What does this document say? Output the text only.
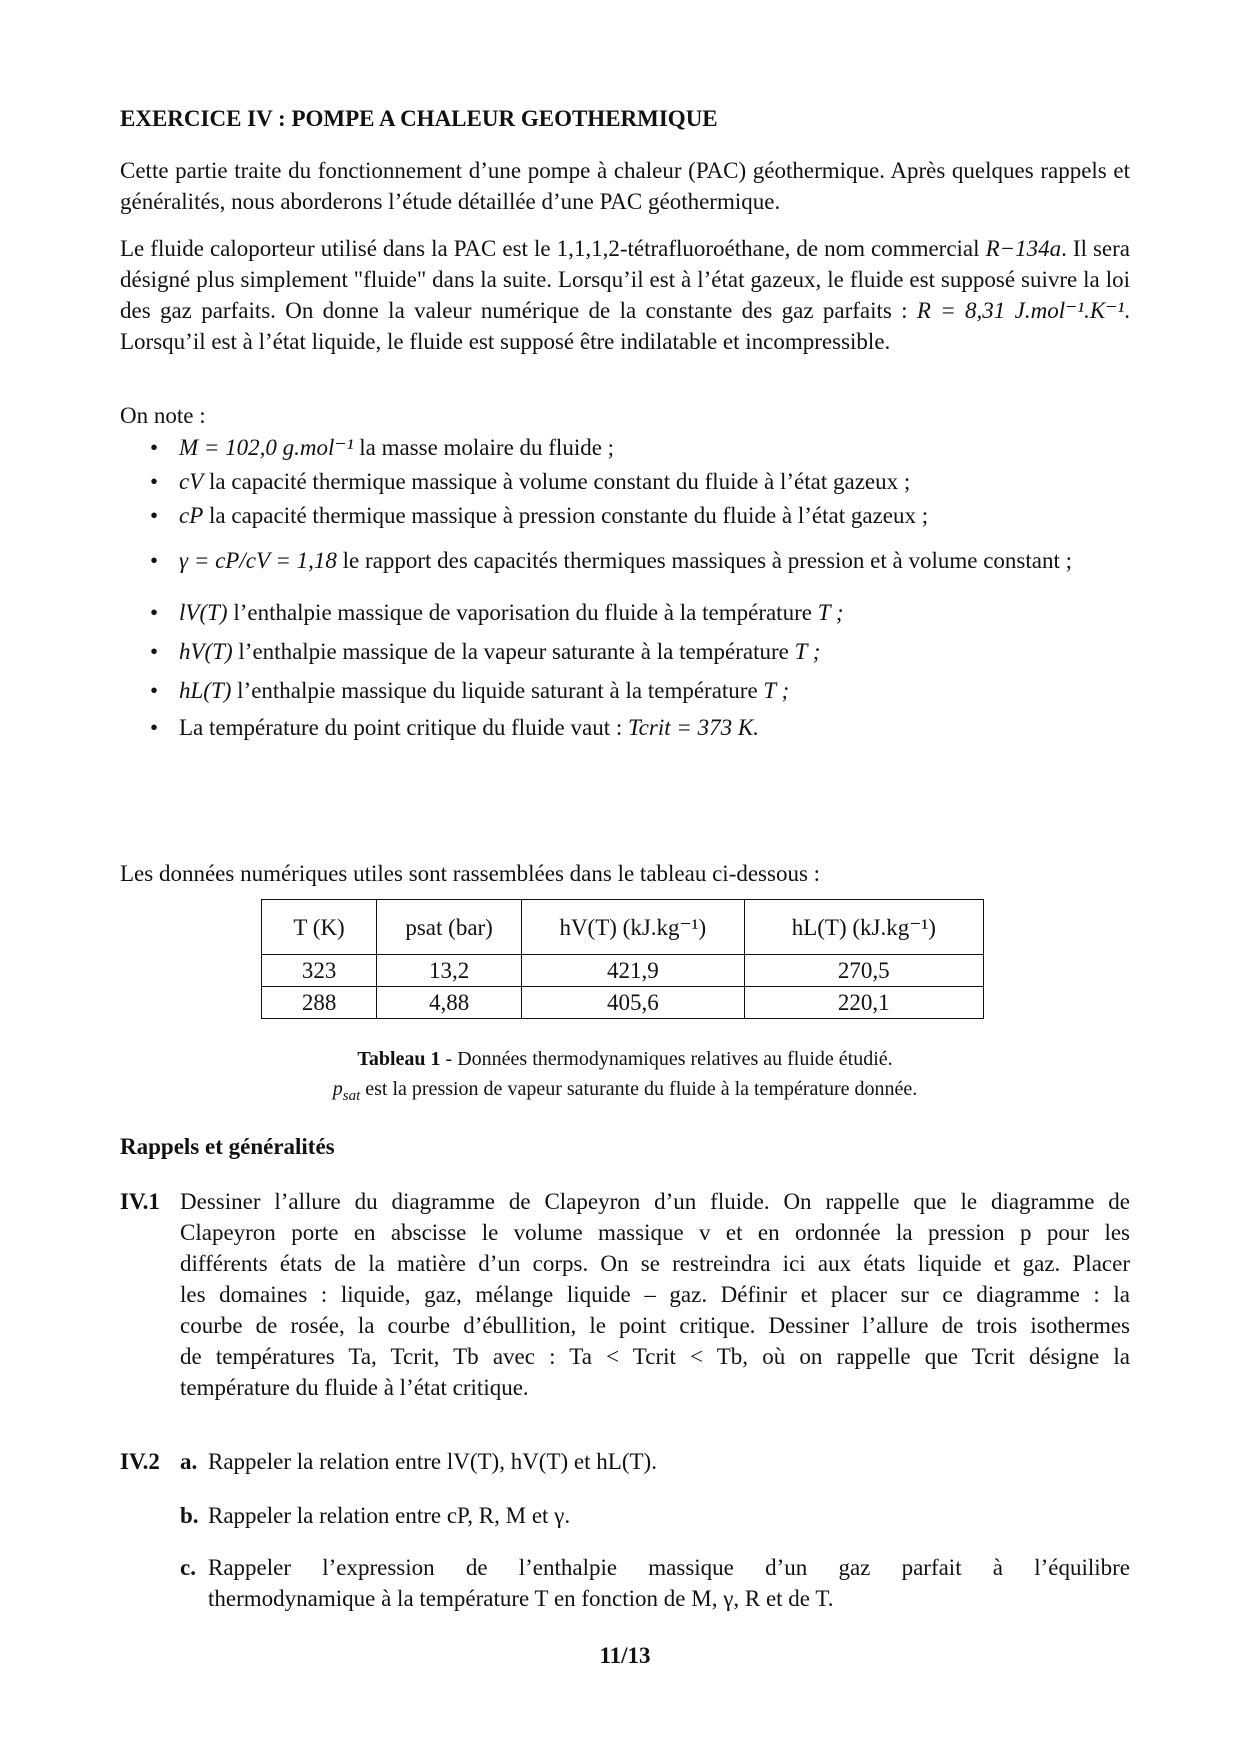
EXERCICE IV : POMPE A CHALEUR GEOTHERMIQUE
Cette partie traite du fonctionnement d’une pompe à chaleur (PAC) géothermique. Après quelques rappels et généralités, nous aborderons l’étude détaillée d’une PAC géothermique.
Le fluide caloporteur utilisé dans la PAC est le 1,1,1,2-tétrafluoroéthane, de nom commercial R−134a. Il sera désigné plus simplement "fluide" dans la suite. Lorsqu’il est à l’état gazeux, le fluide est supposé suivre la loi des gaz parfaits. On donne la valeur numérique de la constante des gaz parfaits : R = 8,31 J.mol⁻¹.K⁻¹. Lorsqu’il est à l’état liquide, le fluide est supposé être indilatable et incompressible.
On note :
• M = 102,0 g.mol⁻¹ la masse molaire du fluide ;
• cV la capacité thermique massique à volume constant du fluide à l’état gazeux ;
• cP la capacité thermique massique à pression constante du fluide à l’état gazeux ;
• γ = cP/cV = 1,18 le rapport des capacités thermiques massiques à pression et à volume constant ;
• lV(T) l’enthalpie massique de vaporisation du fluide à la température T ;
• hV(T) l’enthalpie massique de la vapeur saturante à la température T ;
• hL(T) l’enthalpie massique du liquide saturant à la température T ;
• La température du point critique du fluide vaut : Tcrit = 373 K.
Les données numériques utiles sont rassemblées dans le tableau ci-dessous :
T (K)	psat (bar)	hV(T) (kJ.kg⁻¹)	hL(T) (kJ.kg⁻¹)
323	13,2	421,9	270,5
288	4,88	405,6	220,1
Tableau 1 - Données thermodynamiques relatives au fluide étudié.
$p_{sat}$ est la pression de vapeur saturante du fluide à la température donnée.
Rappels et généralités
IV.1 Dessiner l’allure du diagramme de Clapeyron d’un fluide. On rappelle que le diagramme de
Clapeyron porte en abscisse le volume massique v et en ordonnée la pression p pour les
différents états de la matière d’un corps. On se restreindra ici aux états liquide et gaz. Placer
les domaines : liquide, gaz, mélange liquide – gaz. Définir et placer sur ce diagramme : la
courbe de rosée, la courbe d’ébullition, le point critique. Dessiner l’allure de trois isothermes
de températures Ta, Tcrit, Tb avec : Ta < Tcrit < Tb, où on rappelle que Tcrit désigne la
température du fluide à l’état critique.
IV.2 a. Rappeler la relation entre lV(T), hV(T) et hL(T).
b. Rappeler la relation entre cP, R, M et γ.
c. Rappeler l’expression de l’enthalpie massique d’un gaz parfait à l’équilibre
thermodynamique à la température T en fonction de M, γ, R et de T.
11/13
